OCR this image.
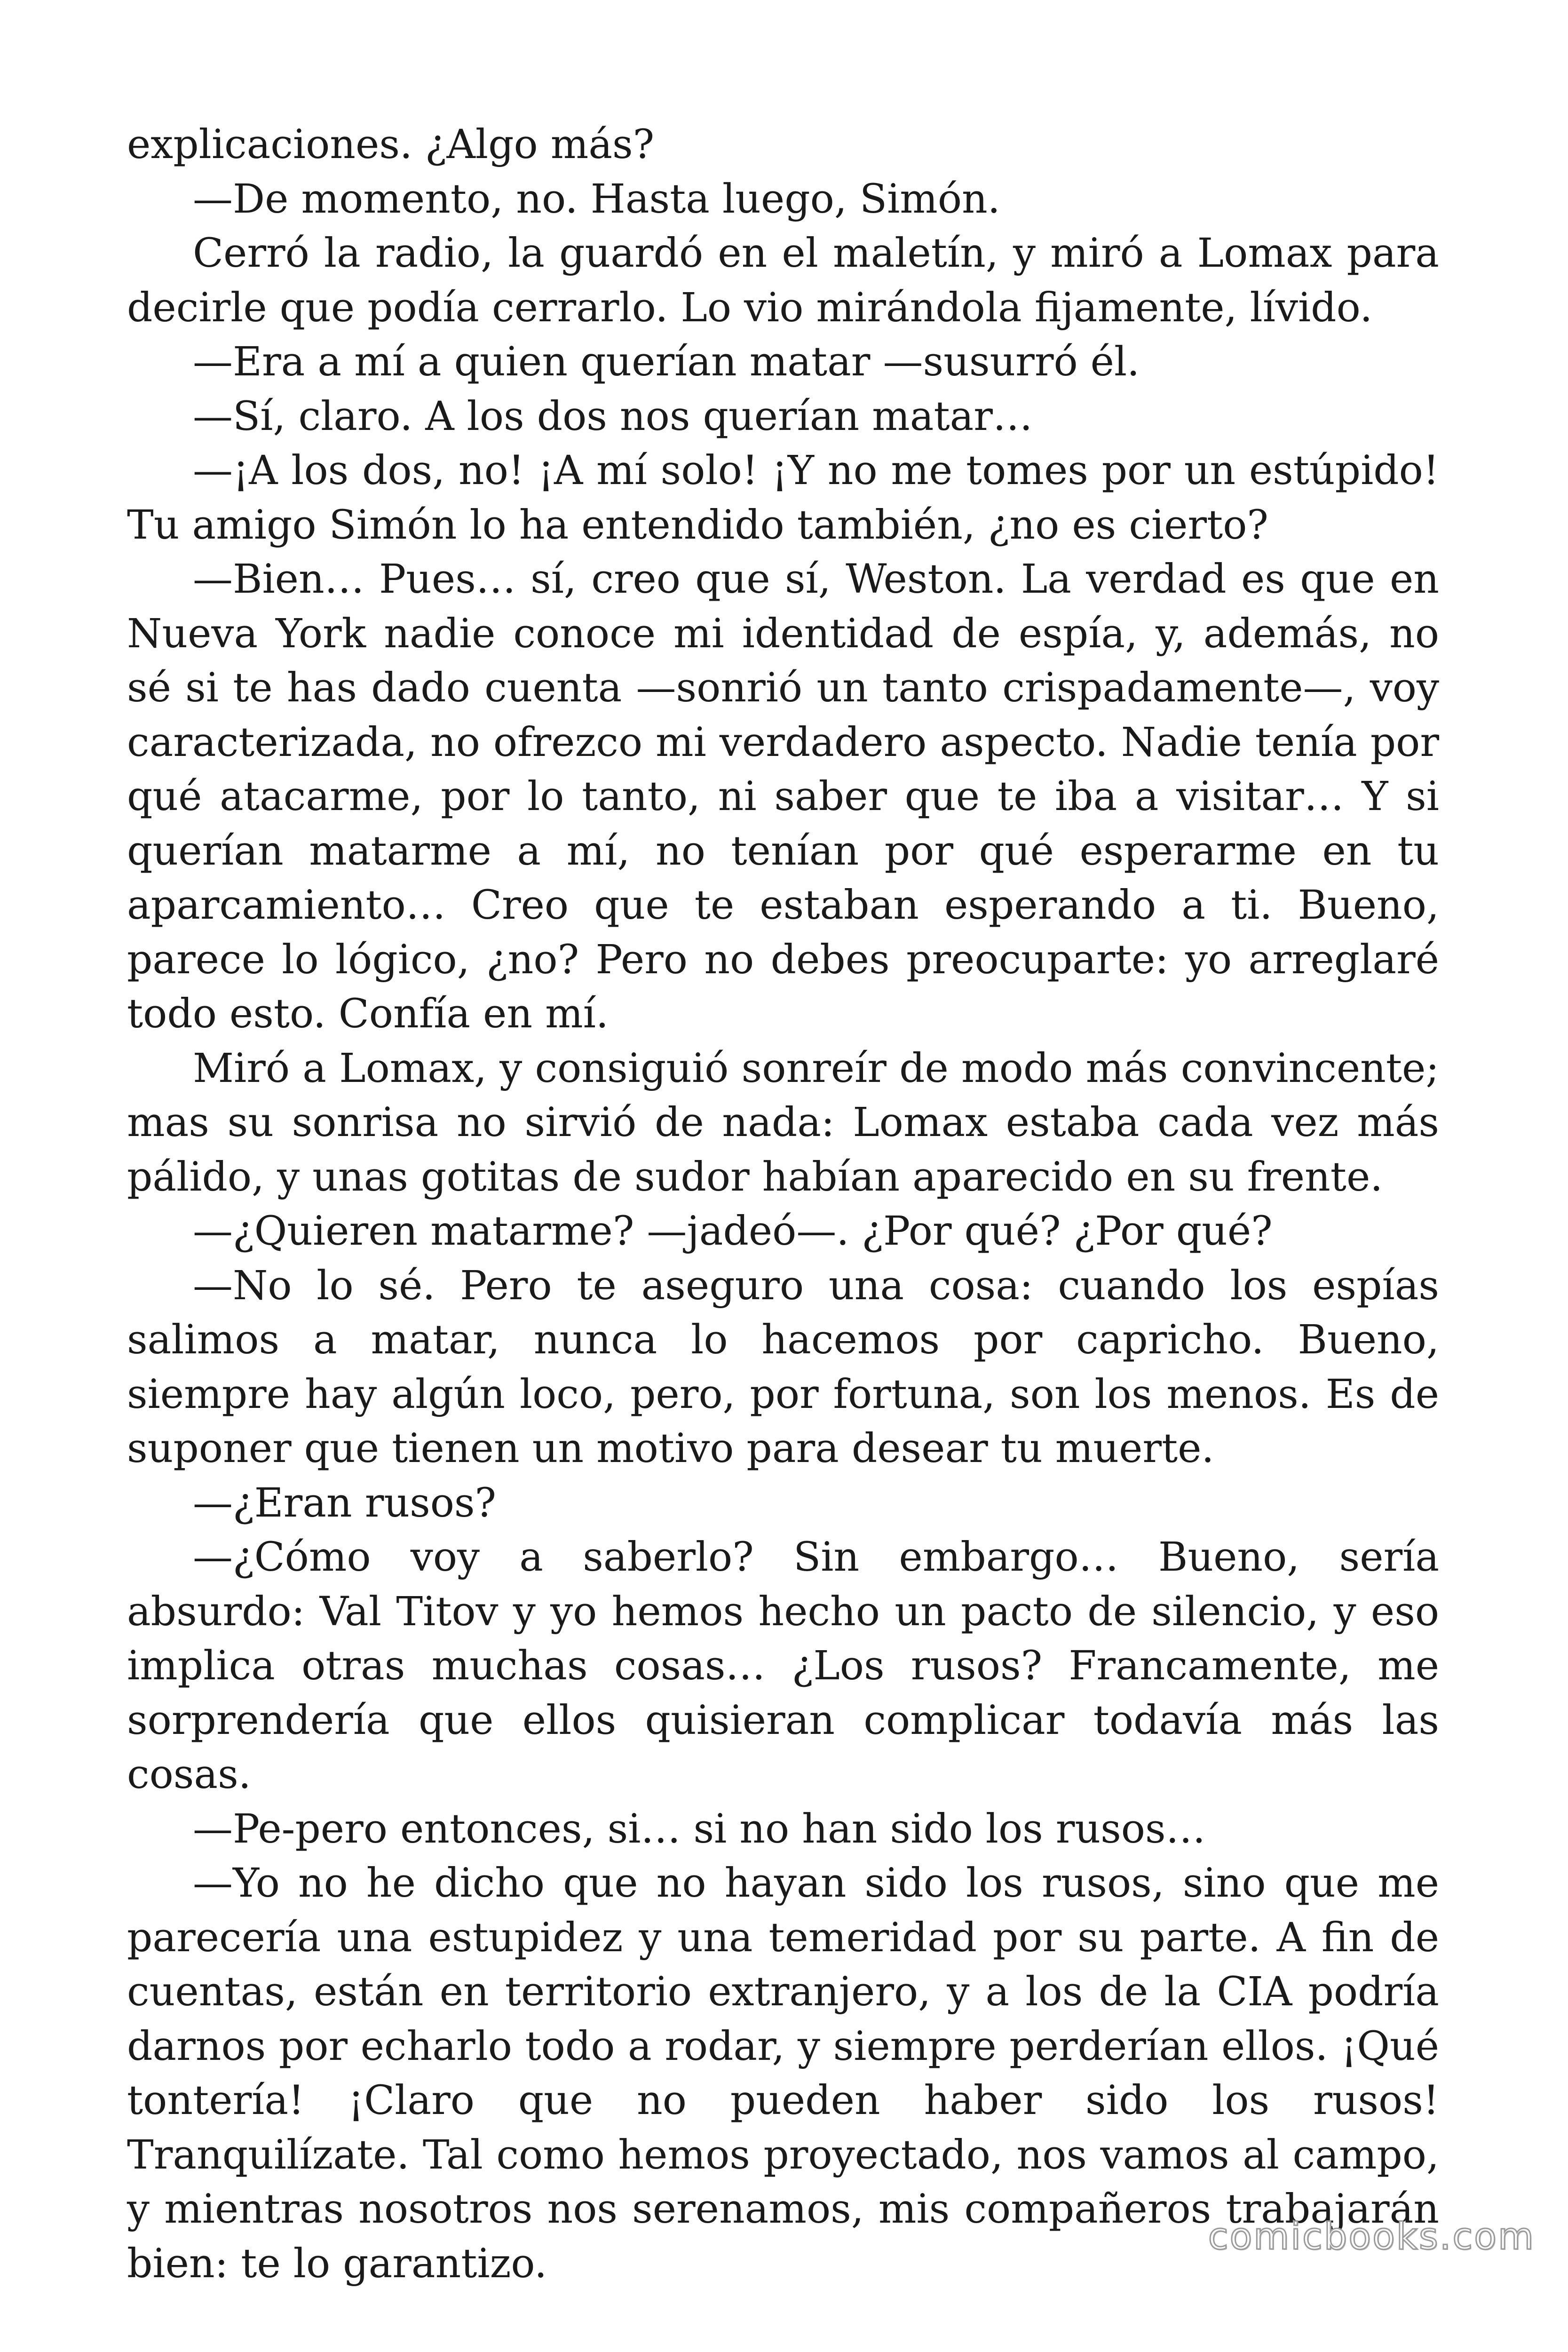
explicaciones. ¿Algo más?

—De momento, no. Hasta luego, Simón.

Cerró la radio, la guardó en el maletín, y miró a Lomax para decirle que podía cerrarlo. Lo vio mirándola fijamente, lívido.

—Era a mí a quien querían matar —susurró él.

—Sí, claro. A los dos nos querían matar…

—¡A los dos, no! ¡A mí solo! ¡Y no me tomes por un estúpido! Tu amigo Simón lo ha entendido también, ¿no es cierto?

—Bien… Pues… sí, creo que sí, Weston. La verdad es que en Nueva York nadie conoce mi identidad de espía, y, además, no sé si te has dado cuenta —sonrió un tanto crispadamente—, voy caracterizada, no ofrezco mi verdadero aspecto. Nadie tenía por qué atacarme, por lo tanto, ni saber que te iba a visitar… Y si querían matarme a mí, no tenían por qué esperarme en tu aparcamiento… Creo que te estaban esperando a ti. Bueno, parece lo lógico, ¿no? Pero no debes preocuparte: yo arreglaré todo esto. Confía en mí.

Miró a Lomax, y consiguió sonreír de modo más convincente; mas su sonrisa no sirvió de nada: Lomax estaba cada vez más pálido, y unas gotitas de sudor habían aparecido en su frente.

—¿Quieren matarme? —jadeó—. ¿Por qué? ¿Por qué?

—No lo sé. Pero te aseguro una cosa: cuando los espías salimos a matar, nunca lo hacemos por capricho. Bueno, siempre hay algún loco, pero, por fortuna, son los menos. Es de suponer que tienen un motivo para desear tu muerte.

—¿Eran rusos?

—¿Cómo voy a saberlo? Sin embargo… Bueno, sería absurdo: Val Titov y yo hemos hecho un pacto de silencio, y eso implica otras muchas cosas… ¿Los rusos? Francamente, me sorprendería que ellos quisieran complicar todavía más las cosas.

—Pe-pero entonces, si… si no han sido los rusos…

—Yo no he dicho que no hayan sido los rusos, sino que me parecería una estupidez y una temeridad por su parte. A fin de cuentas, están en territorio extranjero, y a los de la CIA podría darnos por echarlo todo a rodar, y siempre perderían ellos. ¡Qué tontería! ¡Claro que no pueden haber sido los rusos! Tranquilízate. Tal como hemos proyectado, nos vamos al campo, y mientras nosotros nos serenamos, mis compañeros trabajarán bien: te lo garantizo.

comicbooks.com
